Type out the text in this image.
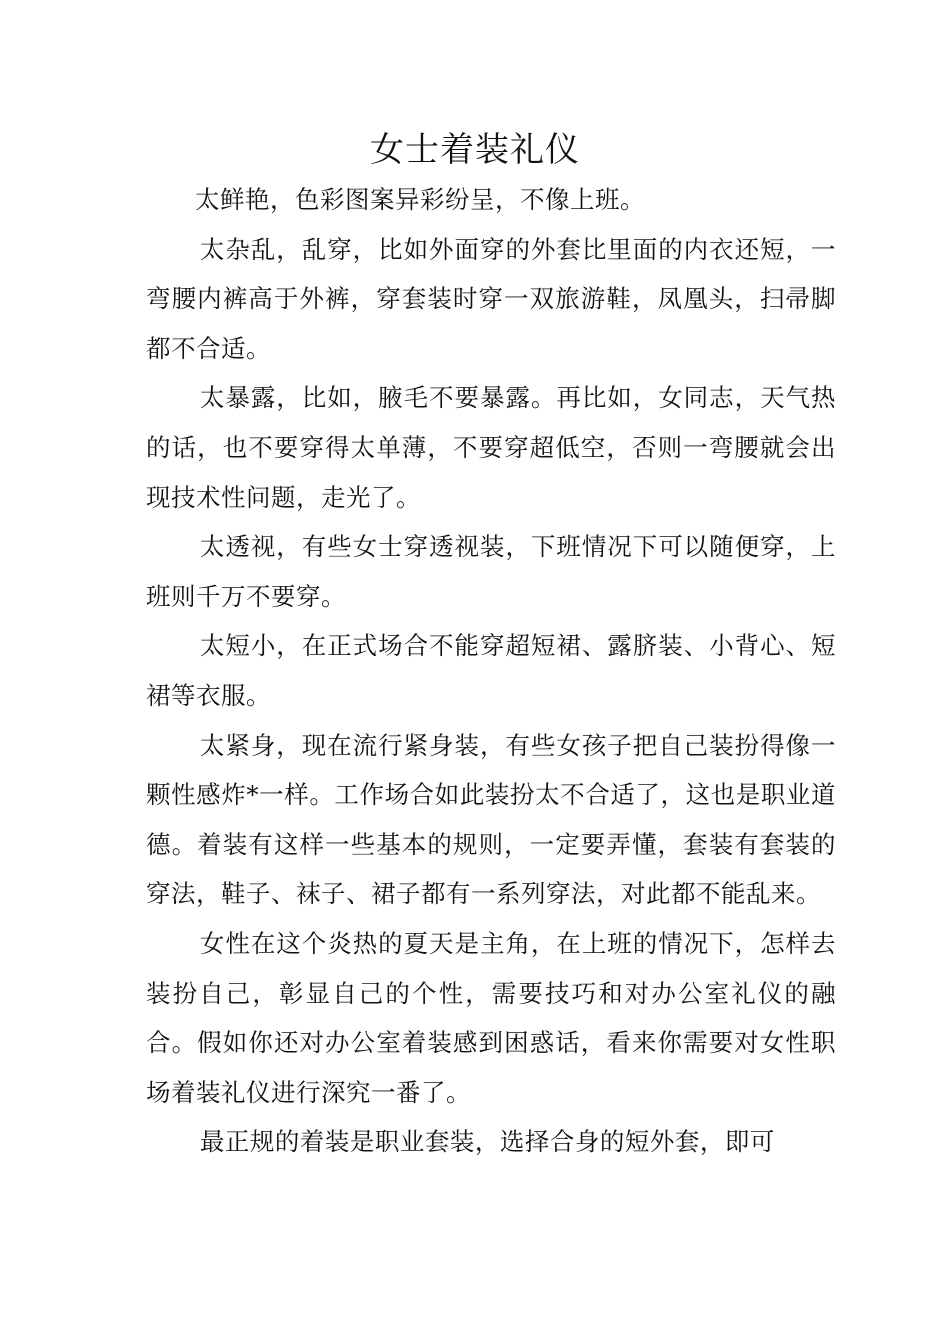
女士着装礼仪

太鲜艳，色彩图案异彩纷呈，不像上班。

太杂乱，乱穿，比如外面穿的外套比里面的内衣还短，一弯腰内裤高于外裤，穿套装时穿一双旅游鞋，凤凰头，扫帚脚都不合适。

太暴露，比如，腋毛不要暴露。再比如，女同志，天气热的话，也不要穿得太单薄，不要穿超低空，否则一弯腰就会出现技术性问题，走光了。

太透视，有些女士穿透视装，下班情况下可以随便穿，上班则千万不要穿。

太短小，在正式场合不能穿超短裙、露脐装、小背心、短裙等衣服。

太紧身，现在流行紧身装，有些女孩子把自己装扮得像一颗性感炸*一样。工作场合如此装扮太不合适了，这也是职业道德。着装有这样一些基本的规则，一定要弄懂，套装有套装的穿法，鞋子、袜子、裙子都有一系列穿法，对此都不能乱来。

女性在这个炎热的夏天是主角，在上班的情况下，怎样去装扮自己，彰显自己的个性，需要技巧和对办公室礼仪的融合。假如你还对办公室着装感到困惑话，看来你需要对女性职场着装礼仪进行深究一番了。

最正规的着装是职业套装，选择合身的短外套，即可
